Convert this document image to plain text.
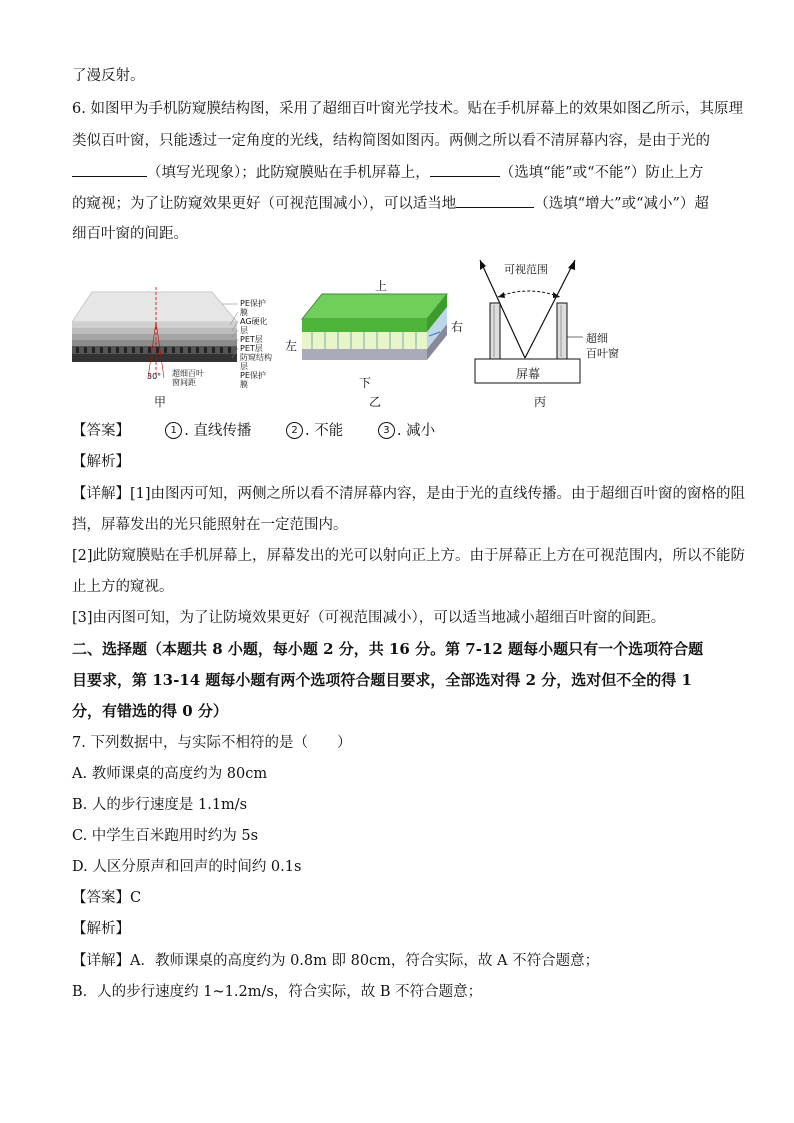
了漫反射。
6. 如图甲为手机防窥膜结构图，采用了超细百叶窗光学技术。贴在手机屏幕上的效果如图乙所示，其原理
类似百叶窗，只能透过一定角度的光线，结构简图如图丙。两侧之所以看不清屏幕内容，是由于光的
（填写光现象）；此防窥膜贴在手机屏幕上，	（选填“能”或“不能”）防止上方
的窥视；为了让防窥效果更好（可视范围减小），可以适当地	（选填“增大”或“减小”）超
细百叶窗的间距。
PE保护膜
AG硬化层
PET层
PET层
防窥结构层
PE保护膜
30° 超细百叶
窗间距
甲
上
左
右
下
乙
可视范围
超细
百叶窗
屏幕
丙
【答案】	1 . 直线传播	2 . 不能	3 . 减小
【解析】
【详解】[1]由图丙可知，两侧之所以看不清屏幕内容，是由于光的直线传播。由于超细百叶窗的窗格的阻
挡，屏幕发出的光只能照射在一定范围内。
[2]此防窥膜贴在手机屏幕上，屏幕发出的光可以射向正上方。由于屏幕正上方在可视范围内，所以不能防
止上方的窥视。
[3]由丙图可知，为了让防境效果更好（可视范围减小），可以适当地减小超细百叶窗的间距。
二、选择题（本题共 8 小题，每小题 2 分，共 16 分。第 7-12 题每小题只有一个选项符合题
目要求，第 13-14 题每小题有两个选项符合题目要求，全部选对得 2 分，选对但不全的得 1
分，有错选的得 0 分）
7. 下列数据中，与实际不相符的是（　　）
A. 教师课桌的高度约为 80cm
B. 人的步行速度是 1.1m/s
C. 中学生百米跑用时约为 5s
D. 人区分原声和回声的时间约 0.1s
【答案】C
【解析】
【详解】A．教师课桌的高度约为 0.8m 即 80cm，符合实际，故 A 不符合题意；
B．人的步行速度约 1~1.2m/s，符合实际，故 B 不符合题意；
